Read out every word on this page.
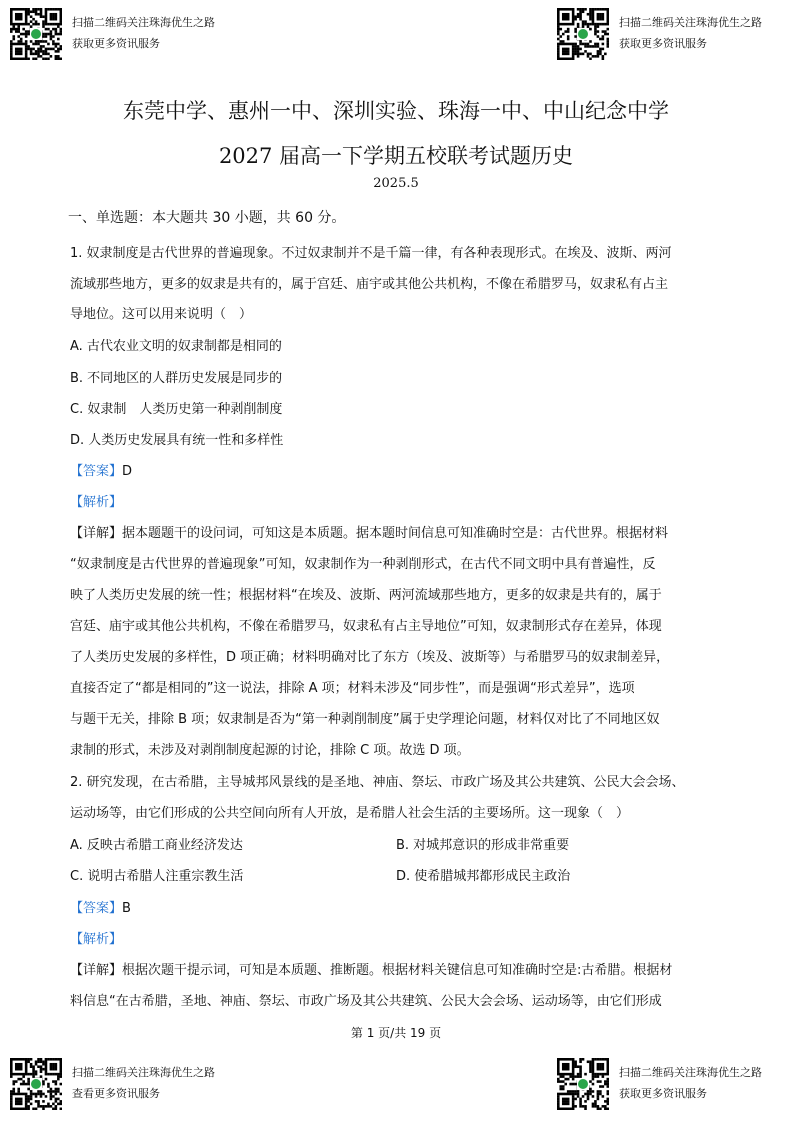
扫描二维码关注珠海优生之路
获取更多资讯服务
扫描二维码关注珠海优生之路
获取更多资讯服务
扫描二维码关注珠海优生之路
查看更多资讯服务
扫描二维码关注珠海优生之路
获取更多资讯服务
东莞中学、惠州一中、深圳实验、珠海一中、中山纪念中学
2027 届高一下学期五校联考试题历史
2025.5
一、单选题：本大题共 30 小题，共 60 分。
1. 奴隶制度是古代世界的普遍现象。不过奴隶制并不是千篇一律，有各种表现形式。在埃及、波斯、两河
流域那些地方，更多的奴隶是共有的，属于宫廷、庙宇或其他公共机构，不像在希腊罗马，奴隶私有占主
导地位。这可以用来说明（　）
A. 古代农业文明的奴隶制都是相同的
B. 不同地区的人群历史发展是同步的
C. 奴隶制　人类历史第一种剥削制度
D. 人类历史发展具有统一性和多样性
【答案】D
【解析】
【详解】据本题题干的设问词，可知这是本质题。据本题时间信息可知准确时空是：古代世界。根据材料
“奴隶制度是古代世界的普遍现象”可知，奴隶制作为一种剥削形式，在古代不同文明中具有普遍性，反
映了人类历史发展的统一性；根据材料“在埃及、波斯、两河流域那些地方，更多的奴隶是共有的，属于
宫廷、庙宇或其他公共机构，不像在希腊罗马，奴隶私有占主导地位”可知，奴隶制形式存在差异，体现
了人类历史发展的多样性，D 项正确；材料明确对比了东方（埃及、波斯等）与希腊罗马的奴隶制差异，
直接否定了“都是相同的”这一说法，排除 A 项；材料未涉及“同步性”，而是强调“形式差异”，选项
与题干无关，排除 B 项；奴隶制是否为“第一种剥削制度”属于史学理论问题，材料仅对比了不同地区奴
隶制的形式，未涉及对剥削制度起源的讨论，排除 C 项。故选 D 项。
2. 研究发现，在古希腊，主导城邦风景线的是圣地、神庙、祭坛、市政广场及其公共建筑、公民大会会场、
运动场等，由它们形成的公共空间向所有人开放，是希腊人社会生活的主要场所。这一现象（　）
A. 反映古希腊工商业经济发达	B. 对城邦意识的形成非常重要
C. 说明古希腊人注重宗教生活	D. 使希腊城邦都形成民主政治
【答案】B
【解析】
【详解】根据次题干提示词，可知是本质题、推断题。根据材料关键信息可知准确时空是:古希腊。根据材
料信息“在古希腊，圣地、神庙、祭坛、市政广场及其公共建筑、公民大会会场、运动场等，由它们形成
第 1 页/共 19 页
